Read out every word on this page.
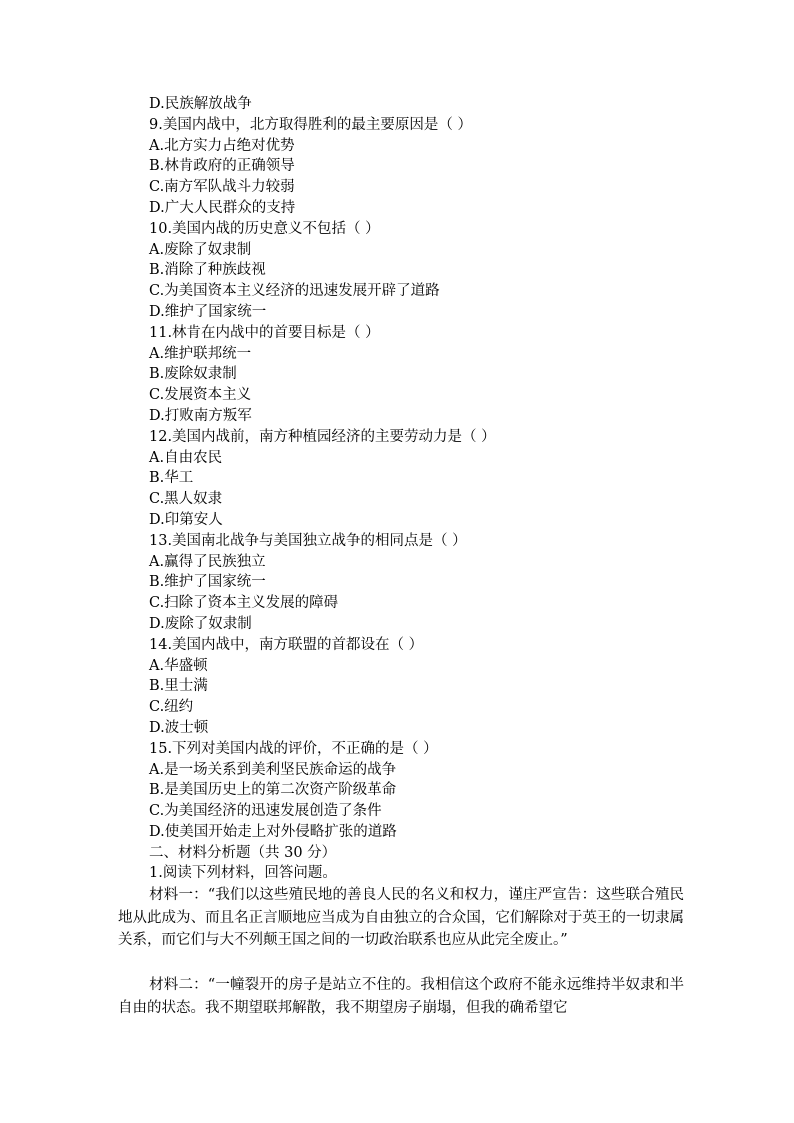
D.民族解放战争
9.美国内战中，北方取得胜利的最主要原因是（ ）
A.北方实力占绝对优势
B.林肯政府的正确领导
C.南方军队战斗力较弱
D.广大人民群众的支持
10.美国内战的历史意义不包括（ ）
A.废除了奴隶制
B.消除了种族歧视
C.为美国资本主义经济的迅速发展开辟了道路
D.维护了国家统一
11.林肯在内战中的首要目标是（ ）
A.维护联邦统一
B.废除奴隶制
C.发展资本主义
D.打败南方叛军
12.美国内战前，南方种植园经济的主要劳动力是（ ）
A.自由农民
B.华工
C.黑人奴隶
D.印第安人
13.美国南北战争与美国独立战争的相同点是（ ）
A.赢得了民族独立
B.维护了国家统一
C.扫除了资本主义发展的障碍
D.废除了奴隶制
14.美国内战中，南方联盟的首都设在（ ）
A.华盛顿
B.里士满
C.纽约
D.波士顿
15.下列对美国内战的评价，不正确的是（ ）
A.是一场关系到美利坚民族命运的战争
B.是美国历史上的第二次资产阶级革命
C.为美国经济的迅速发展创造了条件
D.使美国开始走上对外侵略扩张的道路
二、材料分析题（共 30 分）
1.阅读下列材料，回答问题。
材料一：“我们以这些殖民地的善良人民的名义和权力，谨庄严宣告：这些联合殖民地从此成为、而且名正言顺地应当成为自由独立的合众国，它们解除对于英王的一切隶属关系，而它们与大不列颠王国之间的一切政治联系也应从此完全废止。”
材料二：“一幢裂开的房子是站立不住的。我相信这个政府不能永远维持半奴隶和半自由的状态。我不期望联邦解散，我不期望房子崩塌，但我的确希望它
